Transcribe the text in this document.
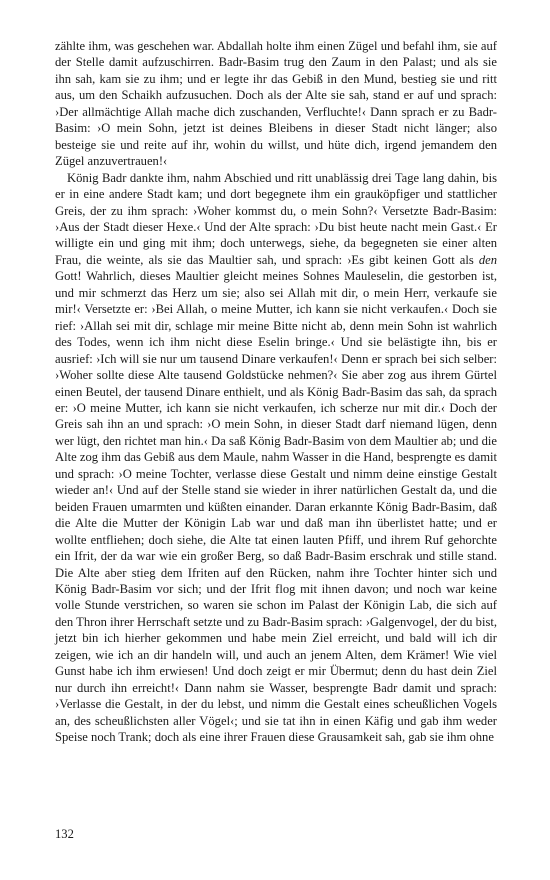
zählte ihm, was geschehen war. Abdallah holte ihm einen Zügel und befahl ihm, sie auf der Stelle damit aufzuschirren. Badr-Basim trug den Zaum in den Palast; und als sie ihn sah, kam sie zu ihm; und er legte ihr das Gebiß in den Mund, bestieg sie und ritt aus, um den Schaikh aufzusuchen. Doch als der Alte sie sah, stand er auf und sprach: ›Der allmächtige Allah mache dich zuschanden, Verfluchte!‹ Dann sprach er zu Badr-Basim: ›O mein Sohn, jetzt ist deines Bleibens in dieser Stadt nicht länger; also besteige sie und reite auf ihr, wohin du willst, und hüte dich, irgend jemandem den Zügel anzuvertrauen!‹

König Badr dankte ihm, nahm Abschied und ritt unablässig drei Tage lang dahin, bis er in eine andere Stadt kam; und dort begegnete ihm ein grauköpfiger und stattlicher Greis, der zu ihm sprach: ›Woher kommst du, o mein Sohn?‹ Versetzte Badr-Basim: ›Aus der Stadt dieser Hexe.‹ Und der Alte sprach: ›Du bist heute nacht mein Gast.‹ Er willigte ein und ging mit ihm; doch unterwegs, siehe, da begegneten sie einer alten Frau, die weinte, als sie das Maultier sah, und sprach: ›Es gibt keinen Gott als den Gott! Wahrlich, dieses Maultier gleicht meines Sohnes Mauleselin, die gestorben ist, und mir schmerzt das Herz um sie; also sei Allah mit dir, o mein Herr, verkaufe sie mir!‹ Versetzte er: ›Bei Allah, o meine Mutter, ich kann sie nicht verkaufen.‹ Doch sie rief: ›Allah sei mit dir, schlage mir meine Bitte nicht ab, denn mein Sohn ist wahrlich des Todes, wenn ich ihm nicht diese Eselin bringe.‹ Und sie belästigte ihn, bis er ausrief: ›Ich will sie nur um tausend Dinare verkaufen!‹ Denn er sprach bei sich selber: ›Woher sollte diese Alte tausend Goldstücke nehmen?‹ Sie aber zog aus ihrem Gürtel einen Beutel, der tausend Dinare enthielt, und als König Badr-Basim das sah, da sprach er: ›O meine Mutter, ich kann sie nicht verkaufen, ich scherze nur mit dir.‹ Doch der Greis sah ihn an und sprach: ›O mein Sohn, in dieser Stadt darf niemand lügen, denn wer lügt, den richtet man hin.‹ Da saß König Badr-Basim von dem Maultier ab; und die Alte zog ihm das Gebiß aus dem Maule, nahm Wasser in die Hand, besprengte es damit und sprach: ›O meine Tochter, verlasse diese Gestalt und nimm deine einstige Gestalt wieder an!‹ Und auf der Stelle stand sie wieder in ihrer natürlichen Gestalt da, und die beiden Frauen umarmten und küßten einander. Daran erkannte König Badr-Basim, daß die Alte die Mutter der Königin Lab war und daß man ihn überlistet hatte; und er wollte entfliehen; doch siehe, die Alte tat einen lauten Pfiff, und ihrem Ruf gehorchte ein Ifrit, der da war wie ein großer Berg, so daß Badr-Basim erschrak und stille stand. Die Alte aber stieg dem Ifriten auf den Rücken, nahm ihre Tochter hinter sich und König Badr-Basim vor sich; und der Ifrit flog mit ihnen davon; und noch war keine volle Stunde verstrichen, so waren sie schon im Palast der Königin Lab, die sich auf den Thron ihrer Herrschaft setzte und zu Badr-Basim sprach: ›Galgenvogel, der du bist, jetzt bin ich hierher gekommen und habe mein Ziel erreicht, und bald will ich dir zeigen, wie ich an dir handeln will, und auch an jenem Alten, dem Krämer! Wie viel Gunst habe ich ihm erwiesen! Und doch zeigt er mir Übermut; denn du hast dein Ziel nur durch ihn erreicht!‹ Dann nahm sie Wasser, besprengte Badr damit und sprach: ›Verlasse die Gestalt, in der du lebst, und nimm die Gestalt eines scheußlichen Vogels an, des scheußlichsten aller Vögel‹; und sie tat ihn in einen Käfig und gab ihm weder Speise noch Trank; doch als eine ihrer Frauen diese Grausamkeit sah, gab sie ihm ohne

132
